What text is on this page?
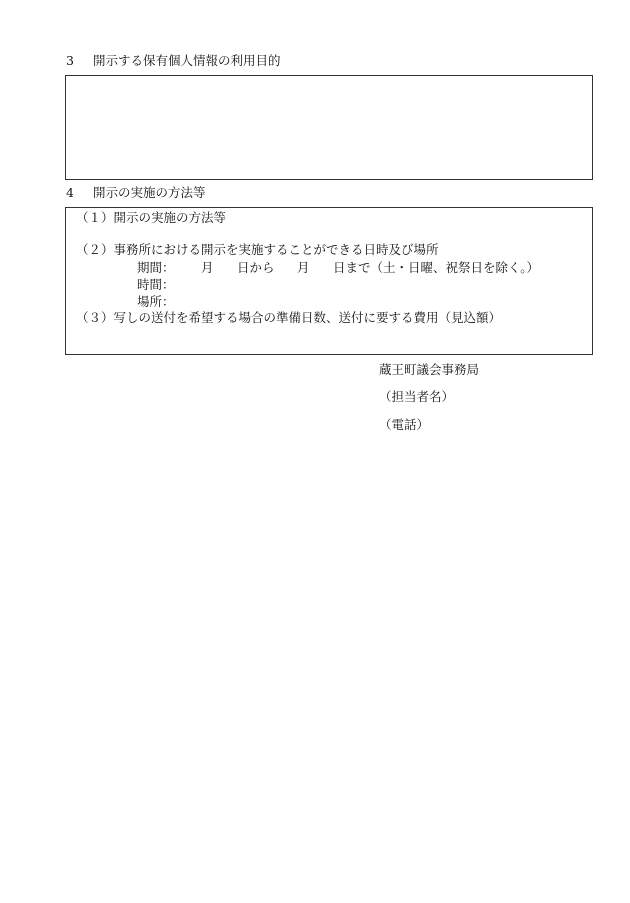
3 開示する保有個人情報の利用目的
4 開示の実施の方法等
（１）開示の実施の方法等
（２）事務所における開示を実施することができる日時及び場所
期間： 月 日から 月 日まで（土・日曜、祝祭日を除く。）
時間：
場所：
（３）写しの送付を希望する場合の準備日数、送付に要する費用（見込額）
蔵王町議会事務局
（担当者名）
（電話）
